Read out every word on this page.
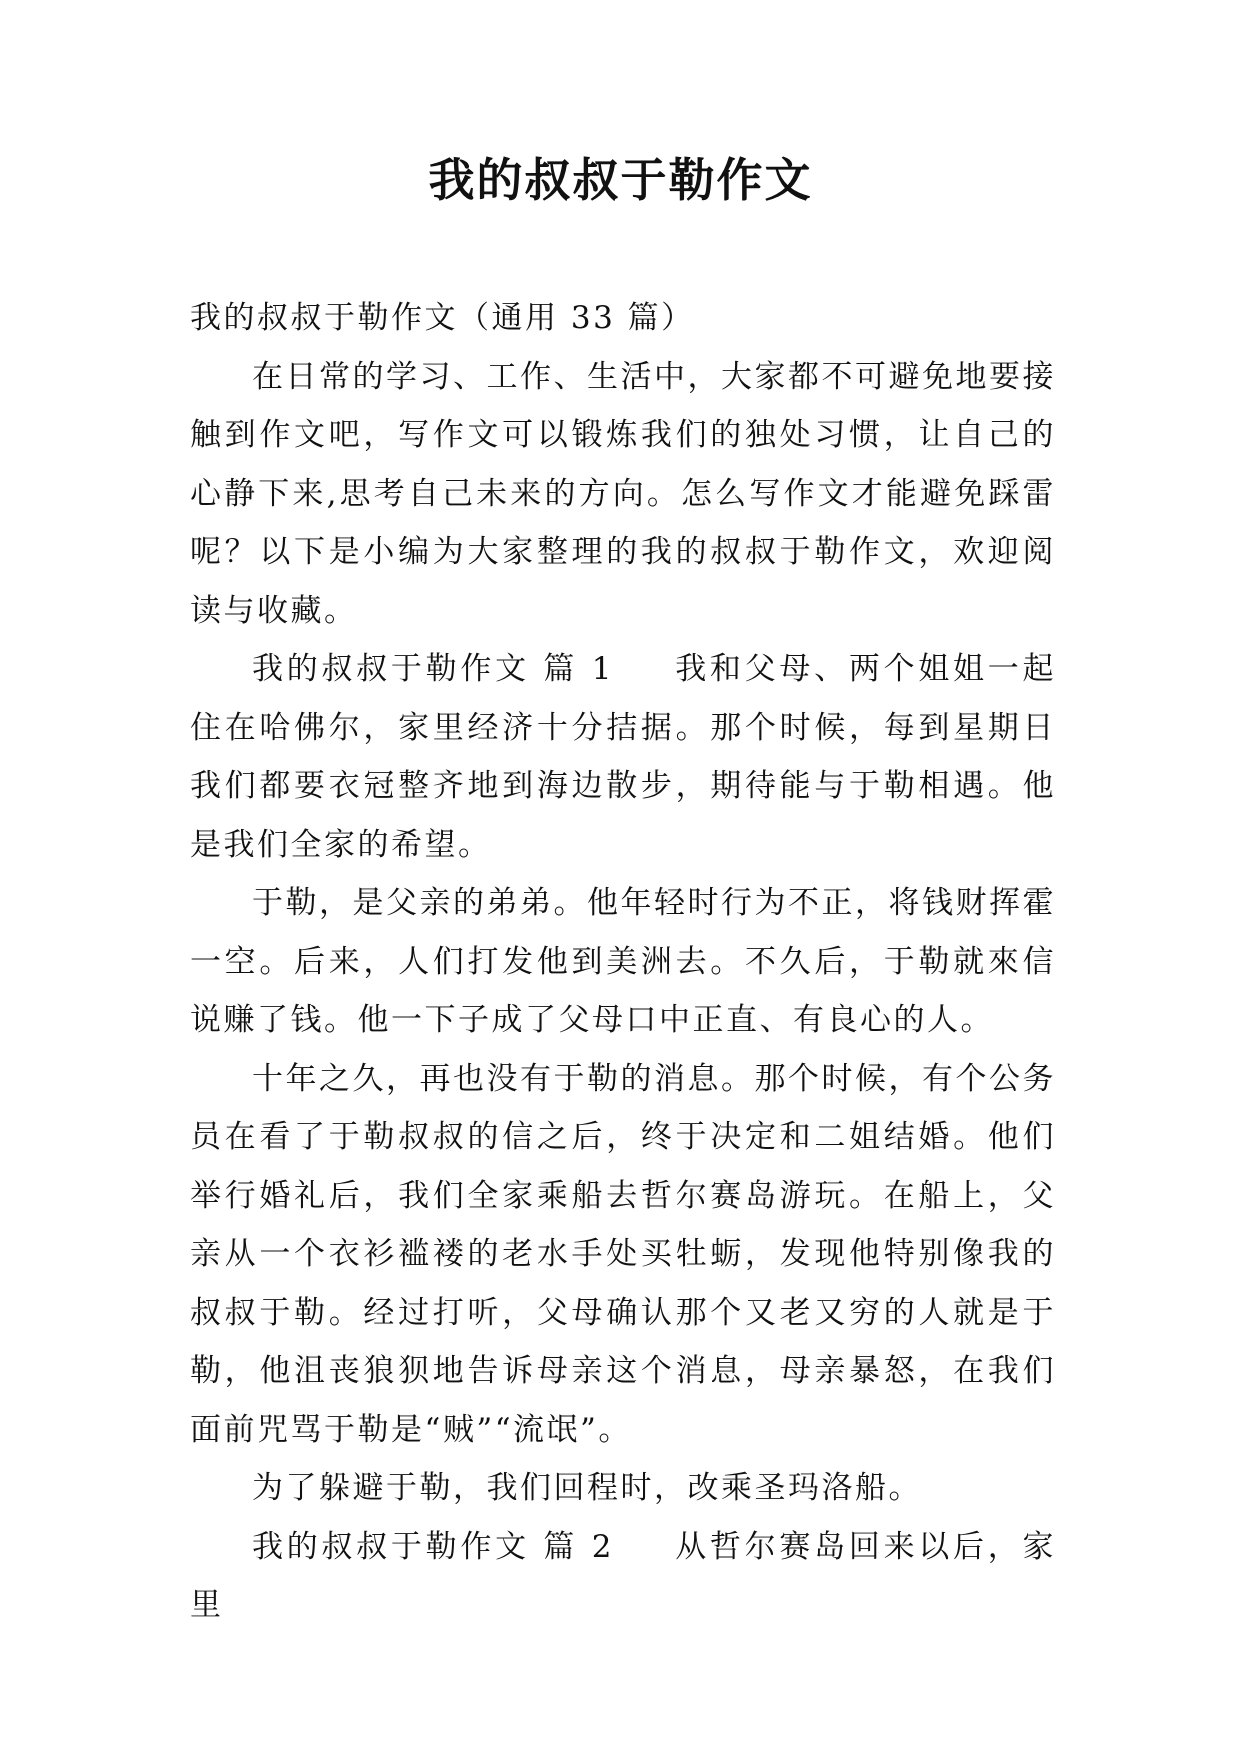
我的叔叔于勒作文

我的叔叔于勒作文（通用 33 篇）

在日常的学习、工作、生活中，大家都不可避免地要接触到作文吧，写作文可以锻炼我们的独处习惯，让自己的心静下来,思考自己未来的方向。怎么写作文才能避免踩雷呢？以下是小编为大家整理的我的叔叔于勒作文，欢迎阅读与收藏。

我的叔叔于勒作文 篇 1 我和父母、两个姐姐一起住在哈佛尔，家里经济十分拮据。那个时候，每到星期日我们都要衣冠整齐地到海边散步，期待能与于勒相遇。他是我们全家的希望。

于勒，是父亲的弟弟。他年轻时行为不正，将钱财挥霍一空。后来，人们打发他到美洲去。不久后，于勒就來信说赚了钱。他一下子成了父母口中正直、有良心的人。

十年之久，再也没有于勒的消息。那个时候，有个公务员在看了于勒叔叔的信之后，终于决定和二姐结婚。他们举行婚礼后，我们全家乘船去哲尔赛岛游玩。在船上，父亲从一个衣衫褴褛的老水手处买牡蛎，发现他特别像我的叔叔于勒。经过打听，父母确认那个又老又穷的人就是于勒，他沮丧狼狈地告诉母亲这个消息，母亲暴怒，在我们面前咒骂于勒是“贼”“流氓”。

为了躲避于勒，我们回程时，改乘圣玛洛船。

我的叔叔于勒作文 篇 2 从哲尔赛岛回来以后，家里
